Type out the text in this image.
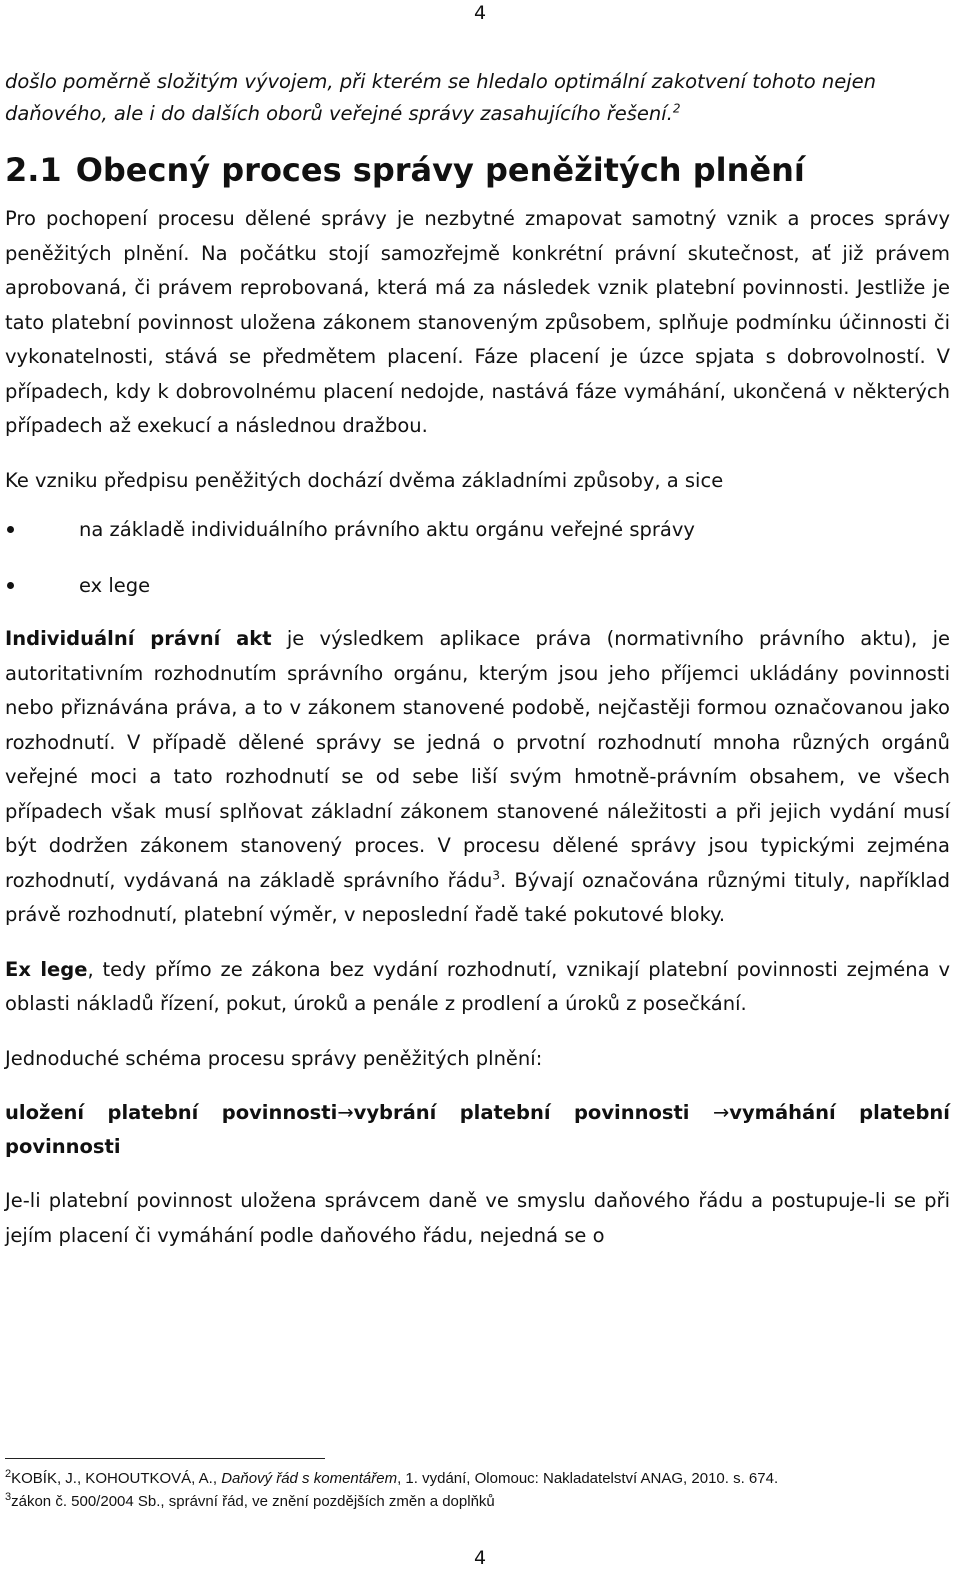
4

došlo poměrně složitým vývojem, při kterém se hledalo optimální zakotvení tohoto nejen daňového, ale i do dalších oborů veřejné správy zasahujícího řešení.$^2$

2.1 Obecný proces správy peněžitých plnění

Pro pochopení procesu dělené správy je nezbytné zmapovat samotný vznik a proces správy peněžitých plnění. Na počátku stojí samozřejmě konkrétní právní skutečnost, ať již právem aprobovaná, či právem reprobovaná, která má za následek vznik platební povinnosti. Jestliže je tato platební povinnost uložena zákonem stanoveným způsobem, splňuje podmínku účinnosti či vykonatelnosti, stává se předmětem placení. Fáze placení je úzce spjata s dobrovolností. V případech, kdy k dobrovolnému placení nedojde, nastává fáze vymáhání, ukončená v některých případech až exekucí a následnou dražbou.

Ke vzniku předpisu peněžitých dochází dvěma základními způsoby, a sice

na základě individuálního právního aktu orgánu veřejné správy
ex lege

Individuální právní akt je výsledkem aplikace práva (normativního právního aktu), je autoritativním rozhodnutím správního orgánu, kterým jsou jeho příjemci ukládány povinnosti nebo přiznávána práva, a to v zákonem stanovené podobě, nejčastěji formou označovanou jako rozhodnutí. V případě dělené správy se jedná o prvotní rozhodnutí mnoha různých orgánů veřejné moci a tato rozhodnutí se od sebe liší svým hmotně-právním obsahem, ve všech případech však musí splňovat základní zákonem stanovené náležitosti a při jejich vydání musí být dodržen zákonem stanovený proces. V procesu dělené správy jsou typickými zejména rozhodnutí, vydávaná na základě správního řádu$^3$. Bývají označována různými tituly, například právě rozhodnutí, platební výměr, v neposlední řadě také pokutové bloky.

Ex lege, tedy přímo ze zákona bez vydání rozhodnutí, vznikají platební povinnosti zejména v oblasti nákladů řízení, pokut, úroků a penále z prodlení a úroků z posečkání.

Jednoduché schéma procesu správy peněžitých plnění:

uložení platební povinnosti→vybrání platební povinnosti →vymáhání platební povinnosti

Je-li platební povinnost uložena správcem daně ve smyslu daňového řádu a postupuje-li se při jejím placení či vymáhání podle daňového řádu, nejedná se o

$^2$KOBÍK, J., KOHOUTKOVÁ, A., Daňový řád s komentářem, 1. vydání, Olomouc: Nakladatelství ANAG, 2010. s. 674.
$^3$zákon č. 500/2004 Sb., správní řád, ve znění pozdějších změn a doplňků
4
